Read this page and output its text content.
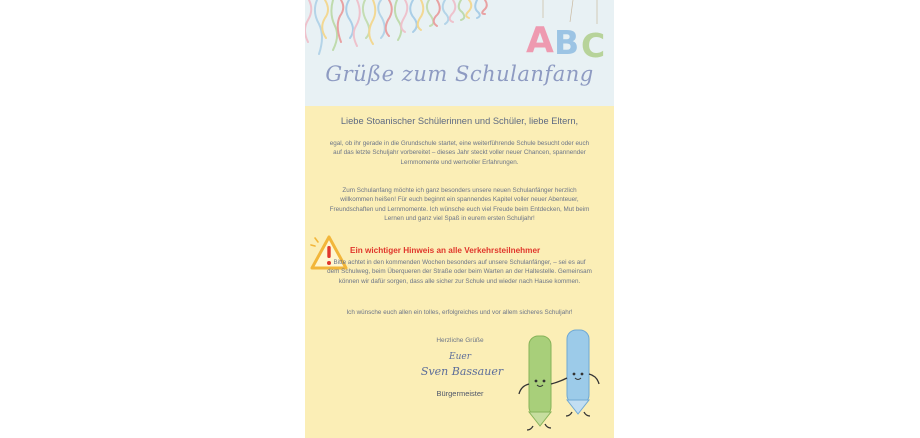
A B C
Grüße zum Schulanfang
Liebe Stoanischer Schülerinnen und Schüler, liebe Eltern,
egal, ob ihr gerade in die Grundschule startet, eine weiterführende Schule besucht oder euch auf das letzte Schuljahr vorbereitet – dieses Jahr steckt voller neuer Chancen, spannender Lernmomente und wertvoller Erfahrungen.
Zum Schulanfang möchte ich ganz besonders unsere neuen Schulanfänger herzlich willkommen heißen! Für euch beginnt ein spannendes Kapitel voller neuer Abenteuer, Freundschaften und Lernmomente. Ich wünsche euch viel Freude beim Entdecken, Mut beim Lernen und ganz viel Spaß in eurem ersten Schuljahr!
Ein wichtiger Hinweis an alle Verkehrsteilnehmer
Bitte achtet in den kommenden Wochen besonders auf unsere Schulanfänger, – sei es auf dem Schulweg, beim Überqueren der Straße oder beim Warten an der Haltestelle. Gemeinsam können wir dafür sorgen, dass alle sicher zur Schule und wieder nach Hause kommen.
Ich wünsche euch allen ein tolles, erfolgreiches und vor allem sicheres Schuljahr!
Herzliche Grüße
Euer
Sven Bassauer
Bürgermeister
